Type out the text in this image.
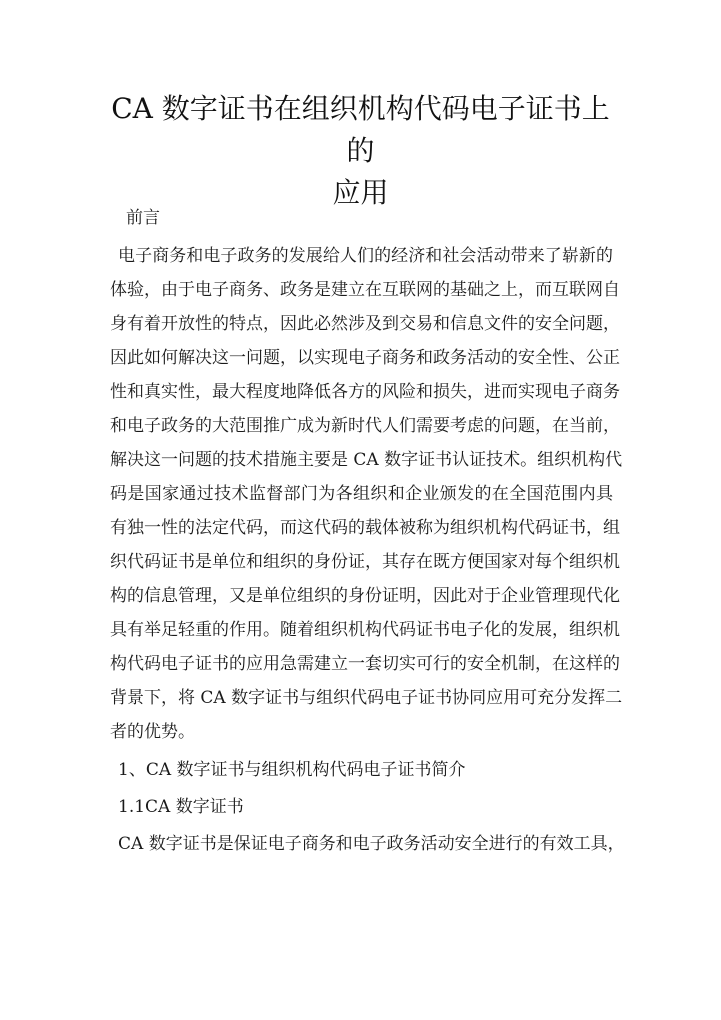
CA 数字证书在组织机构代码电子证书上的
应用
前言
电子商务和电子政务的发展给人们的经济和社会活动带来了崭新的
体验，由于电子商务、政务是建立在互联网的基础之上，而互联网自
身有着开放性的特点，因此必然涉及到交易和信息文件的安全问题，
因此如何解决这一问题，以实现电子商务和政务活动的安全性、公正
性和真实性，最大程度地降低各方的风险和损失，进而实现电子商务
和电子政务的大范围推广成为新时代人们需要考虑的问题，在当前，
解决这一问题的技术措施主要是 CA 数字证书认证技术。组织机构代
码是国家通过技术监督部门为各组织和企业颁发的在全国范围内具
有独一性的法定代码，而这代码的载体被称为组织机构代码证书，组
织代码证书是单位和组织的身份证，其存在既方便国家对每个组织机
构的信息管理，又是单位组织的身份证明，因此对于企业管理现代化
具有举足轻重的作用。随着组织机构代码证书电子化的发展，组织机
构代码电子证书的应用急需建立一套切实可行的安全机制，在这样的
背景下，将 CA 数字证书与组织代码电子证书协同应用可充分发挥二
者的优势。
1、CA 数字证书与组织机构代码电子证书简介
1.1CA 数字证书
CA 数字证书是保证电子商务和电子政务活动安全进行的有效工具，
